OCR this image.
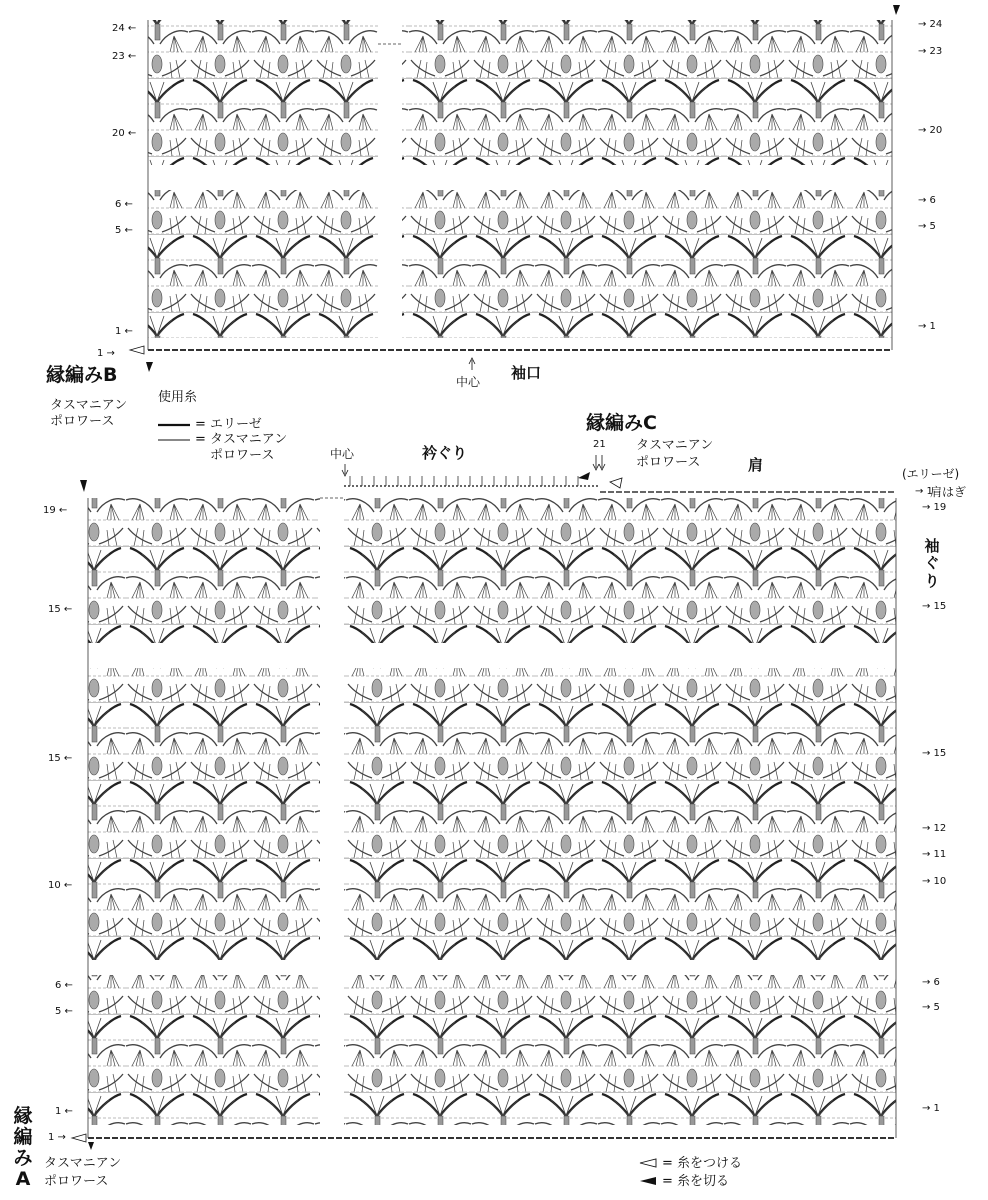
縁編みB
タスマニアン
ポロワース
中心 袖口
24 ←
23 ←
20 ←
6 ←
5 ←
1 ←
1 →
→ 24
→ 23
→ 20
→ 6
→ 5
→ 1
使用糸
= エリーゼ
= タスマニアン
ポロワース
縁編みC
21 タスマニアン
ポロワース
中心	衿ぐり
肩	(エリーゼ)
→ 1
肩はぎ
袖
ぐ
り
縁
編
み
A
タスマニアン
ポロワース
19 ←
15 ←
15 ←
10 ←
6 ←
5 ←
1 ←
1 →
→ 19
→ 15
→ 15
→ 12
→ 11
→ 10
→ 6
→ 5
→ 1
= 糸をつける
= 糸を切る
